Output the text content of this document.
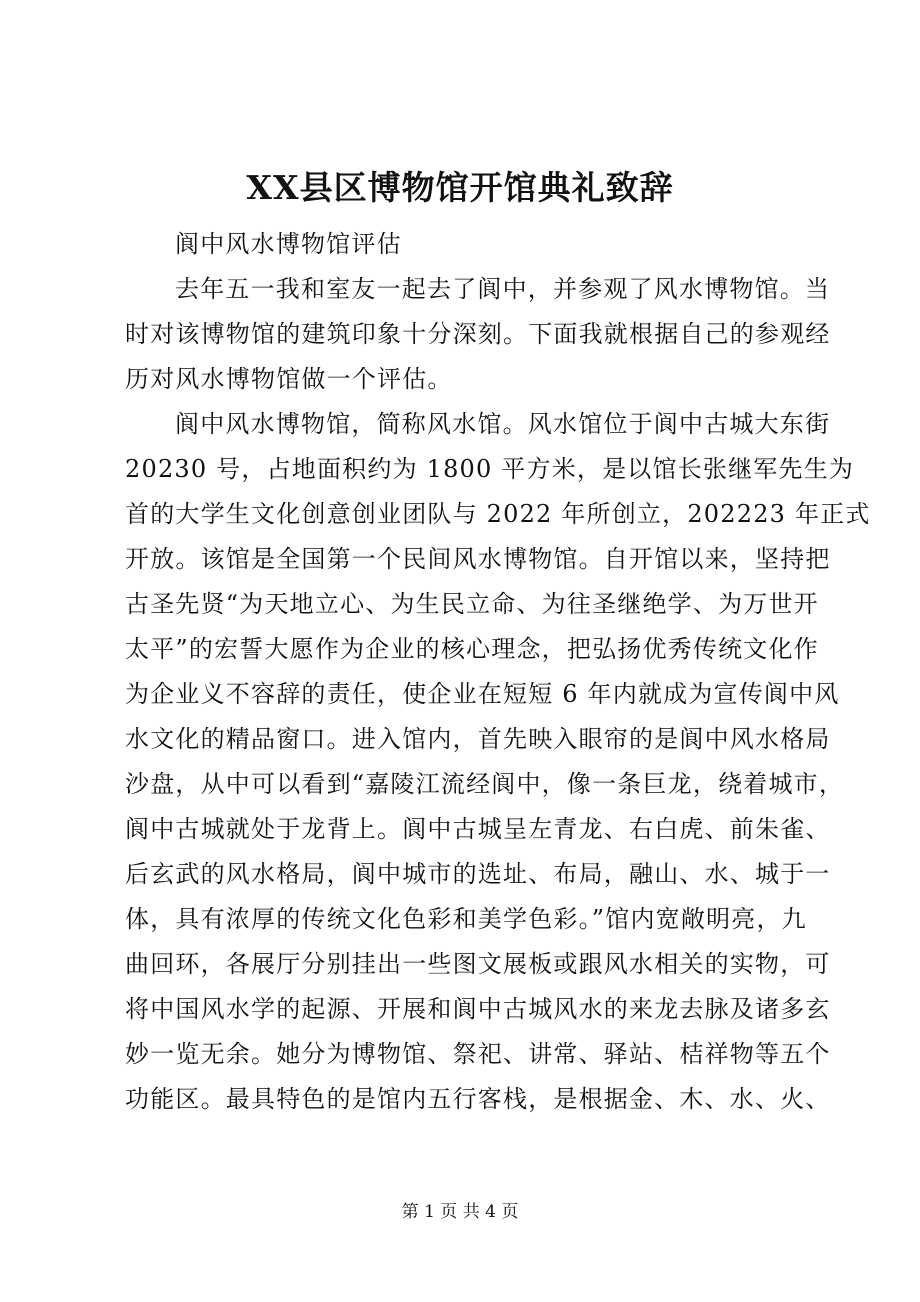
XX县区博物馆开馆典礼致辞
阆中风水博物馆评估
去年五一我和室友一起去了阆中，并参观了风水博物馆。当
时对该博物馆的建筑印象十分深刻。下面我就根据自己的参观经
历对风水博物馆做一个评估。
阆中风水博物馆，简称风水馆。风水馆位于阆中古城大东街
20230 号，占地面积约为 1800 平方米，是以馆长张继军先生为
首的大学生文化创意创业团队与 2022 年所创立，202223 年正式
开放。该馆是全国第一个民间风水博物馆。自开馆以来，坚持把
古圣先贤“为天地立心、为生民立命、为往圣继绝学、为万世开
太平”的宏誓大愿作为企业的核心理念，把弘扬优秀传统文化作
为企业义不容辞的责任，使企业在短短 6 年内就成为宣传阆中风
水文化的精品窗口。进入馆内，首先映入眼帘的是阆中风水格局
沙盘，从中可以看到“嘉陵江流经阆中，像一条巨龙，绕着城市，
阆中古城就处于龙背上。阆中古城呈左青龙、右白虎、前朱雀、
后玄武的风水格局，阆中城市的选址、布局，融山、水、城于一
体，具有浓厚的传统文化色彩和美学色彩。”馆内宽敞明亮，九
曲回环，各展厅分别挂出一些图文展板或跟风水相关的实物，可
将中国风水学的起源、开展和阆中古城风水的来龙去脉及诸多玄
妙一览无余。她分为博物馆、祭祀、讲常、驿站、桔祥物等五个
功能区。最具特色的是馆内五行客栈，是根据金、木、水、火、
第 1 页 共 4 页
